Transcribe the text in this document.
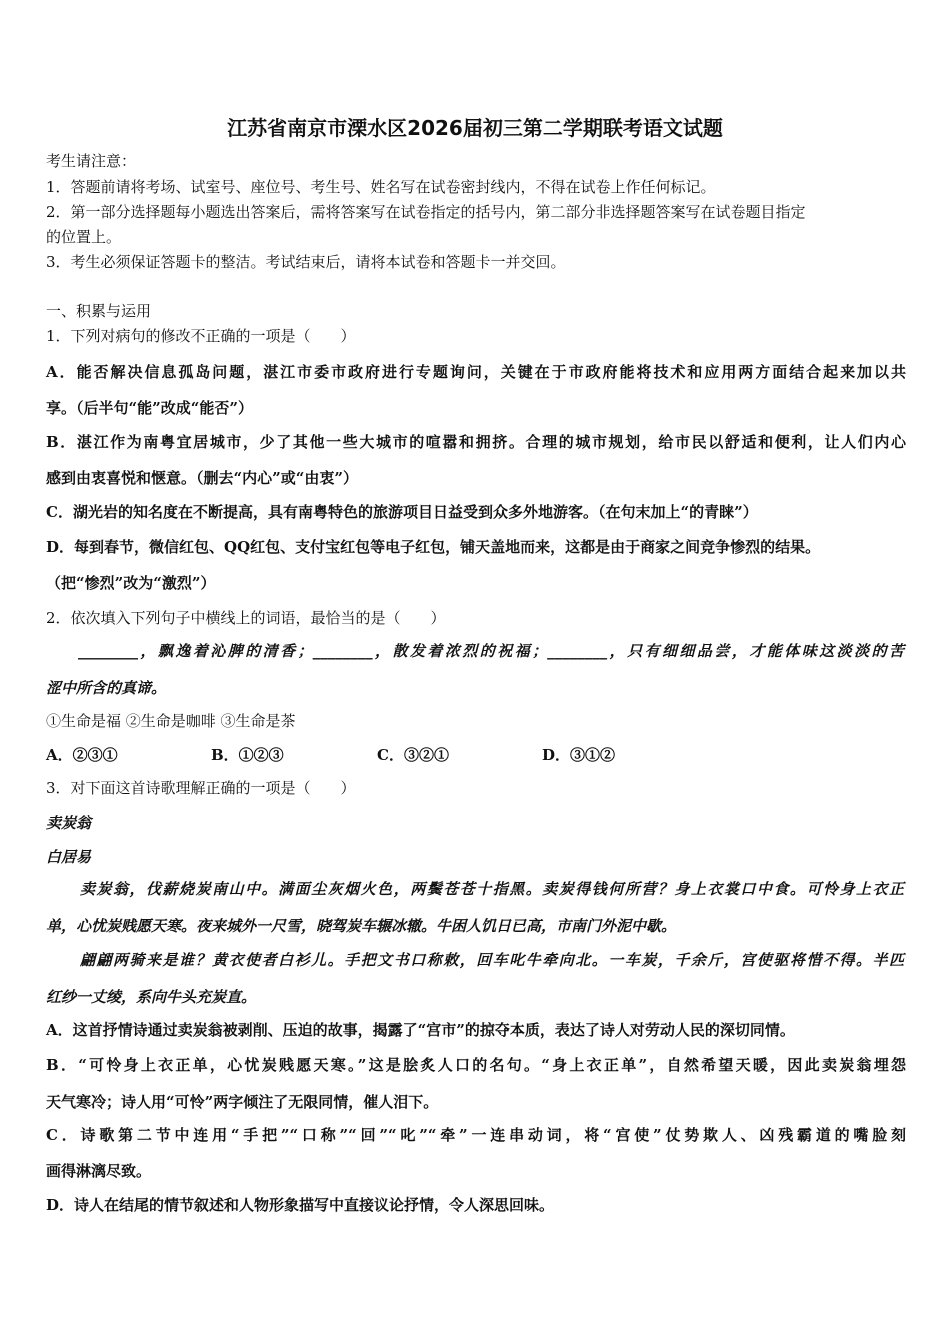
江苏省南京市溧水区2026届初三第二学期联考语文试题
考生请注意：
1．答题前请将考场、试室号、座位号、考生号、姓名写在试卷密封线内，不得在试卷上作任何标记。
2．第一部分选择题每小题选出答案后，需将答案写在试卷指定的括号内，第二部分非选择题答案写在试卷题目指定
的位置上。
3．考生必须保证答题卡的整洁。考试结束后，请将本试卷和答题卡一并交回。
一、积累与运用
1．下列对病句的修改不正确的一项是（　　）
A．能否解决信息孤岛问题，湛江市委市政府进行专题询问，关键在于市政府能将技术和应用两方面结合起来加以共
享。（后半句“能”改成“能否”）
B．湛江作为南粤宜居城市，少了其他一些大城市的喧嚣和拥挤。合理的城市规划，给市民以舒适和便利，让人们内心
感到由衷喜悦和惬意。（删去“内心”或“由衷”）
C．湖光岩的知名度在不断提高，具有南粤特色的旅游项目日益受到众多外地游客。（在句末加上“的青睐”）
D．每到春节，微信红包、QQ红包、支付宝红包等电子红包，铺天盖地而来，这都是由于商家之间竞争惨烈的结果。
（把“惨烈”改为“激烈”）
2．依次填入下列句子中横线上的词语，最恰当的是（　　）
________，飘逸着沁脾的清香；________，散发着浓烈的祝福；________，只有细细品尝，才能体味这淡淡的苦
涩中所含的真谛。
①生命是福 ②生命是咖啡 ③生命是茶
A．②③①	B．①②③	C．③②①	D．③①②
3．对下面这首诗歌理解正确的一项是（　　）
卖炭翁
白居易
卖炭翁，伐薪烧炭南山中。满面尘灰烟火色，两鬓苍苍十指黑。卖炭得钱何所营？身上衣裳口中食。可怜身上衣正
单，心忧炭贱愿天寒。夜来城外一尺雪，晓驾炭车辗冰辙。牛困人饥日已高，市南门外泥中歇。
翩翩两骑来是谁？黄衣使者白衫儿。手把文书口称敕，回车叱牛牵向北。一车炭，千余斤，宫使驱将惜不得。半匹
红纱一丈绫，系向牛头充炭直。
A．这首抒情诗通过卖炭翁被剥削、压迫的故事，揭露了“宫市”的掠夺本质，表达了诗人对劳动人民的深切同情。
B．“可怜身上衣正单，心忧炭贱愿天寒。”这是脍炙人口的名句。“身上衣正单”，自然希望天暖，因此卖炭翁埋怨
天气寒冷；诗人用“可怜”两字倾注了无限同情，催人泪下。
C．诗歌第二节中连用“手把”“口称”“回”“叱”“牵”一连串动词，将“宫使”仗势欺人、凶残霸道的嘴脸刻
画得淋漓尽致。
D．诗人在结尾的情节叙述和人物形象描写中直接议论抒情，令人深思回味。
